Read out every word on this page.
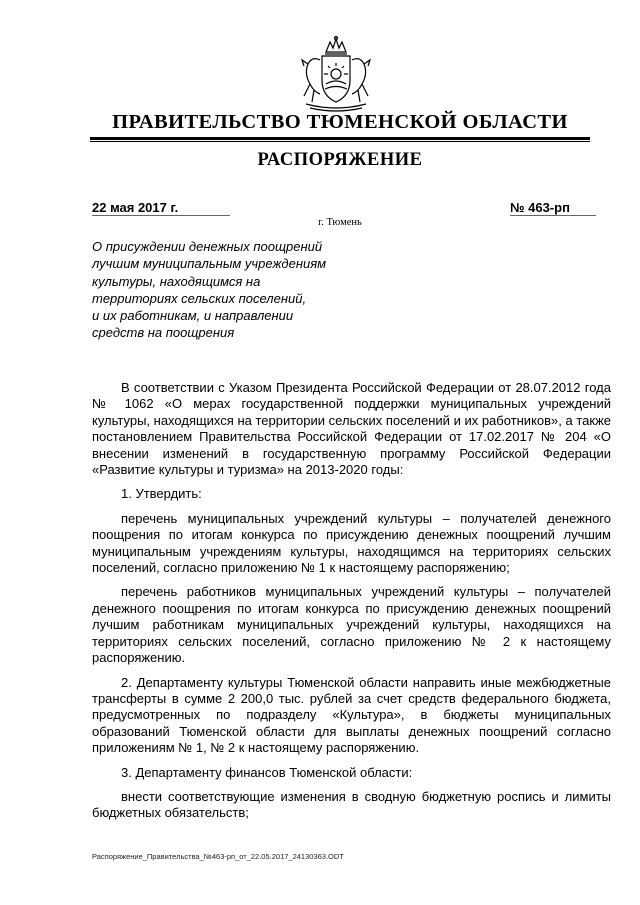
ПРАВИТЕЛЬСТВО ТЮМЕНСКОЙ ОБЛАСТИ
РАСПОРЯЖЕНИЕ
22 мая 2017 г.	№ 463-рп
г. Тюмень
О присуждении денежных поощрений
лучшим муниципальным учреждениям
культуры, находящимся на
территориях сельских поселений,
и их работникам, и направлении
средств на поощрения

В соответствии с Указом Президента Российской Федерации от 28.07.2012 года № 1062 «О мерах государственной поддержки муниципальных учреждений культуры, находящихся на территории сельских поселений и их работников», а также постановлением Правительства Российской Федерации от 17.02.2017 № 204 «О внесении изменений в государственную программу Российской Федерации «Развитие культуры и туризма» на 2013-2020 годы:

1. Утвердить:

перечень муниципальных учреждений культуры – получателей денежного поощрения по итогам конкурса по присуждению денежных поощрений лучшим муниципальным учреждениям культуры, находящимся на территориях сельских поселений, согласно приложению № 1 к настоящему распоряжению;

перечень работников муниципальных учреждений культуры – получателей денежного поощрения по итогам конкурса по присуждению денежных поощрений лучшим работникам муниципальных учреждений культуры, находящихся на территориях сельских поселений, согласно приложению № 2 к настоящему распоряжению.

2. Департаменту культуры Тюменской области направить иные межбюджетные трансферты в сумме 2 200,0 тыс. рублей за счет средств федерального бюджета, предусмотренных по подразделу «Культура», в бюджеты муниципальных образований Тюменской области для выплаты денежных поощрений согласно приложениям № 1, № 2 к настоящему распоряжению.

3. Департаменту финансов Тюменской области:

внести соответствующие изменения в сводную бюджетную роспись и лимиты бюджетных обязательств;

Распоряжение_Правительства_№463-рп_от_22.05.2017_24130363.ODT
